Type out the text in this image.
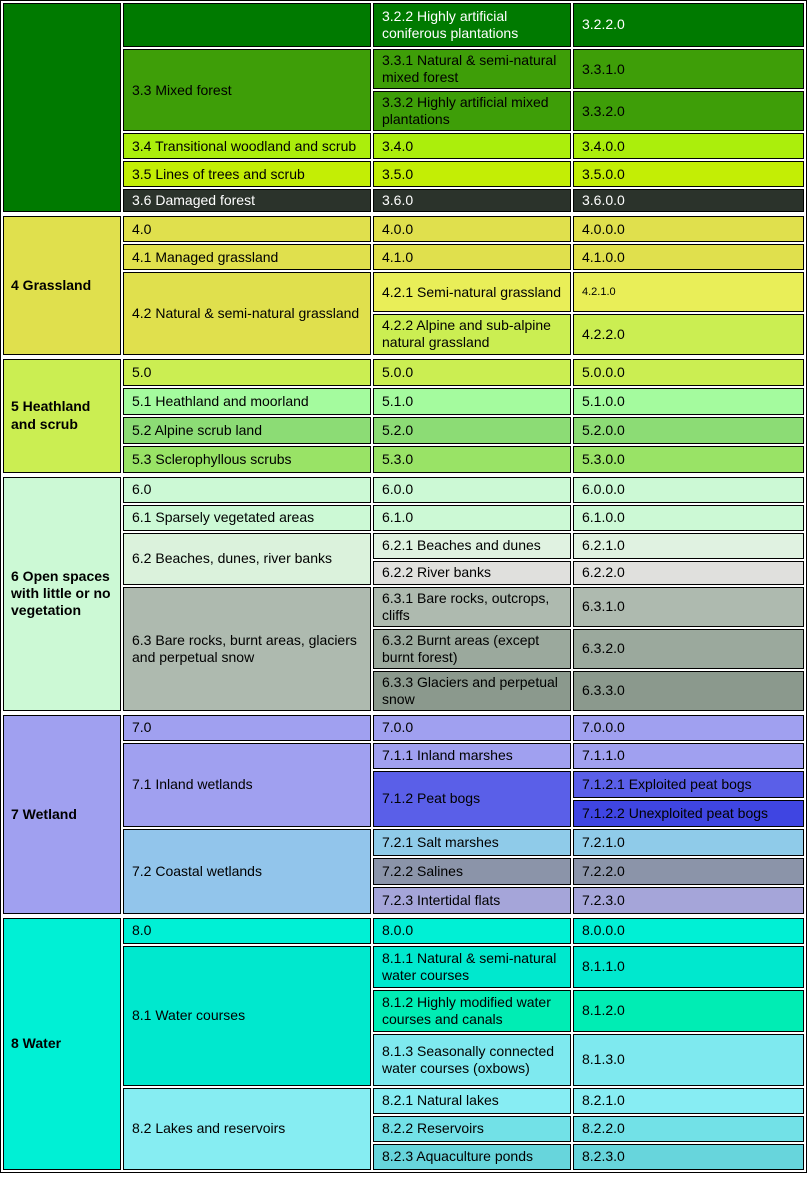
		3.2.2 Highly artificial coniferous plantations	3.2.2.0
	3.3 Mixed forest	3.3.1 Natural & semi-natural mixed forest	3.3.1.0
		3.3.2 Highly artificial mixed plantations	3.3.2.0
	3.4 Transitional woodland and scrub	3.4.0	3.4.0.0
	3.5 Lines of trees and scrub	3.5.0	3.5.0.0
	3.6 Damaged forest	3.6.0	3.6.0.0
4 Grassland	4.0	4.0.0	4.0.0.0
	4.1 Managed grassland	4.1.0	4.1.0.0
	4.2 Natural & semi-natural grassland	4.2.1 Semi-natural grassland	4.2.1.0
		4.2.2 Alpine and sub-alpine natural grassland	4.2.2.0
5 Heathland and scrub	5.0	5.0.0	5.0.0.0
	5.1 Heathland and moorland	5.1.0	5.1.0.0
	5.2 Alpine scrub land	5.2.0	5.2.0.0
	5.3 Sclerophyllous scrubs	5.3.0	5.3.0.0
6 Open spaces with little or no vegetation	6.0	6.0.0	6.0.0.0
	6.1 Sparsely vegetated areas	6.1.0	6.1.0.0
	6.2 Beaches, dunes, river banks	6.2.1 Beaches and dunes	6.2.1.0
		6.2.2 River banks	6.2.2.0
	6.3 Bare rocks, burnt areas, glaciers and perpetual snow	6.3.1 Bare rocks, outcrops, cliffs	6.3.1.0
		6.3.2 Burnt areas (except burnt forest)	6.3.2.0
		6.3.3 Glaciers and perpetual snow	6.3.3.0
7 Wetland	7.0	7.0.0	7.0.0.0
	7.1 Inland wetlands	7.1.1 Inland marshes	7.1.1.0
		7.1.2 Peat bogs	7.1.2.1 Exploited peat bogs
			7.1.2.2 Unexploited peat bogs
	7.2 Coastal wetlands	7.2.1 Salt marshes	7.2.1.0
		7.2.2 Salines	7.2.2.0
		7.2.3 Intertidal flats	7.2.3.0
8 Water	8.0	8.0.0	8.0.0.0
	8.1 Water courses	8.1.1 Natural & semi-natural water courses	8.1.1.0
		8.1.2 Highly modified water courses and canals	8.1.2.0
		8.1.3 Seasonally connected water courses (oxbows)	8.1.3.0
	8.2 Lakes and reservoirs	8.2.1 Natural lakes	8.2.1.0
		8.2.2 Reservoirs	8.2.2.0
		8.2.3 Aquaculture ponds	8.2.3.0
